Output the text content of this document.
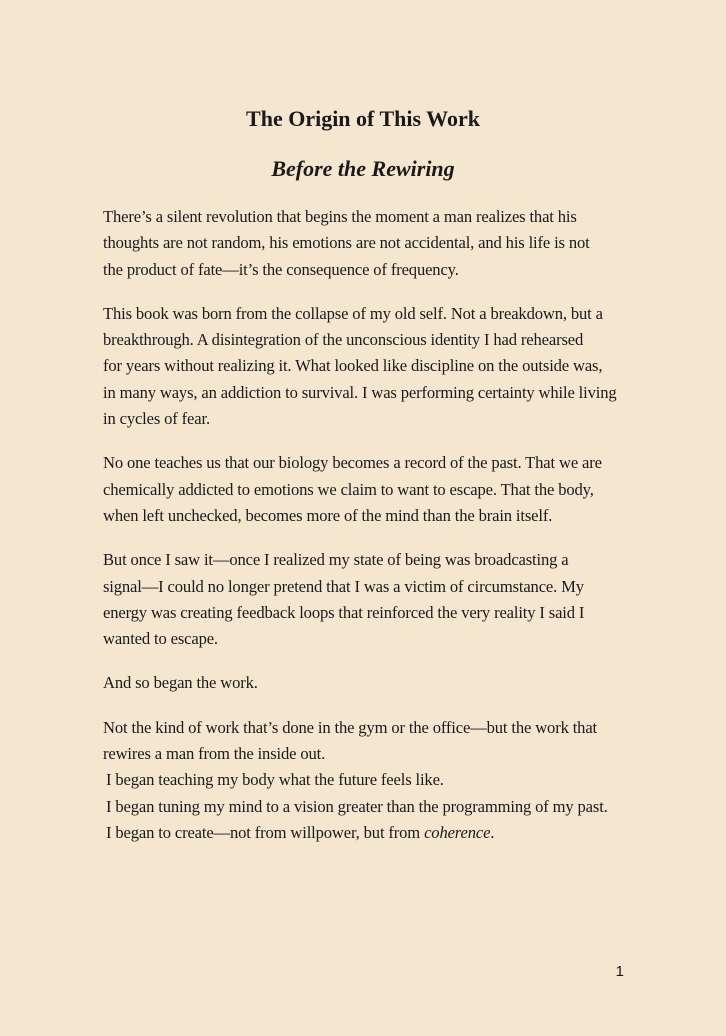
The Origin of This Work
Before the Rewiring

There’s a silent revolution that begins the moment a man realizes that his
thoughts are not random, his emotions are not accidental, and his life is not
the product of fate—it’s the consequence of frequency.

This book was born from the collapse of my old self. Not a breakdown, but a
breakthrough. A disintegration of the unconscious identity I had rehearsed
for years without realizing it. What looked like discipline on the outside was,
in many ways, an addiction to survival. I was performing certainty while living
in cycles of fear.

No one teaches us that our biology becomes a record of the past. That we are
chemically addicted to emotions we claim to want to escape. That the body,
when left unchecked, becomes more of the mind than the brain itself.

But once I saw it—once I realized my state of being was broadcasting a
signal—I could no longer pretend that I was a victim of circumstance. My
energy was creating feedback loops that reinforced the very reality I said I
wanted to escape.

And so began the work.

Not the kind of work that’s done in the gym or the office—but the work that
rewires a man from the inside out.
I began teaching my body what the future feels like.
I began tuning my mind to a vision greater than the programming of my past.
I began to create—not from willpower, but from coherence.

1
